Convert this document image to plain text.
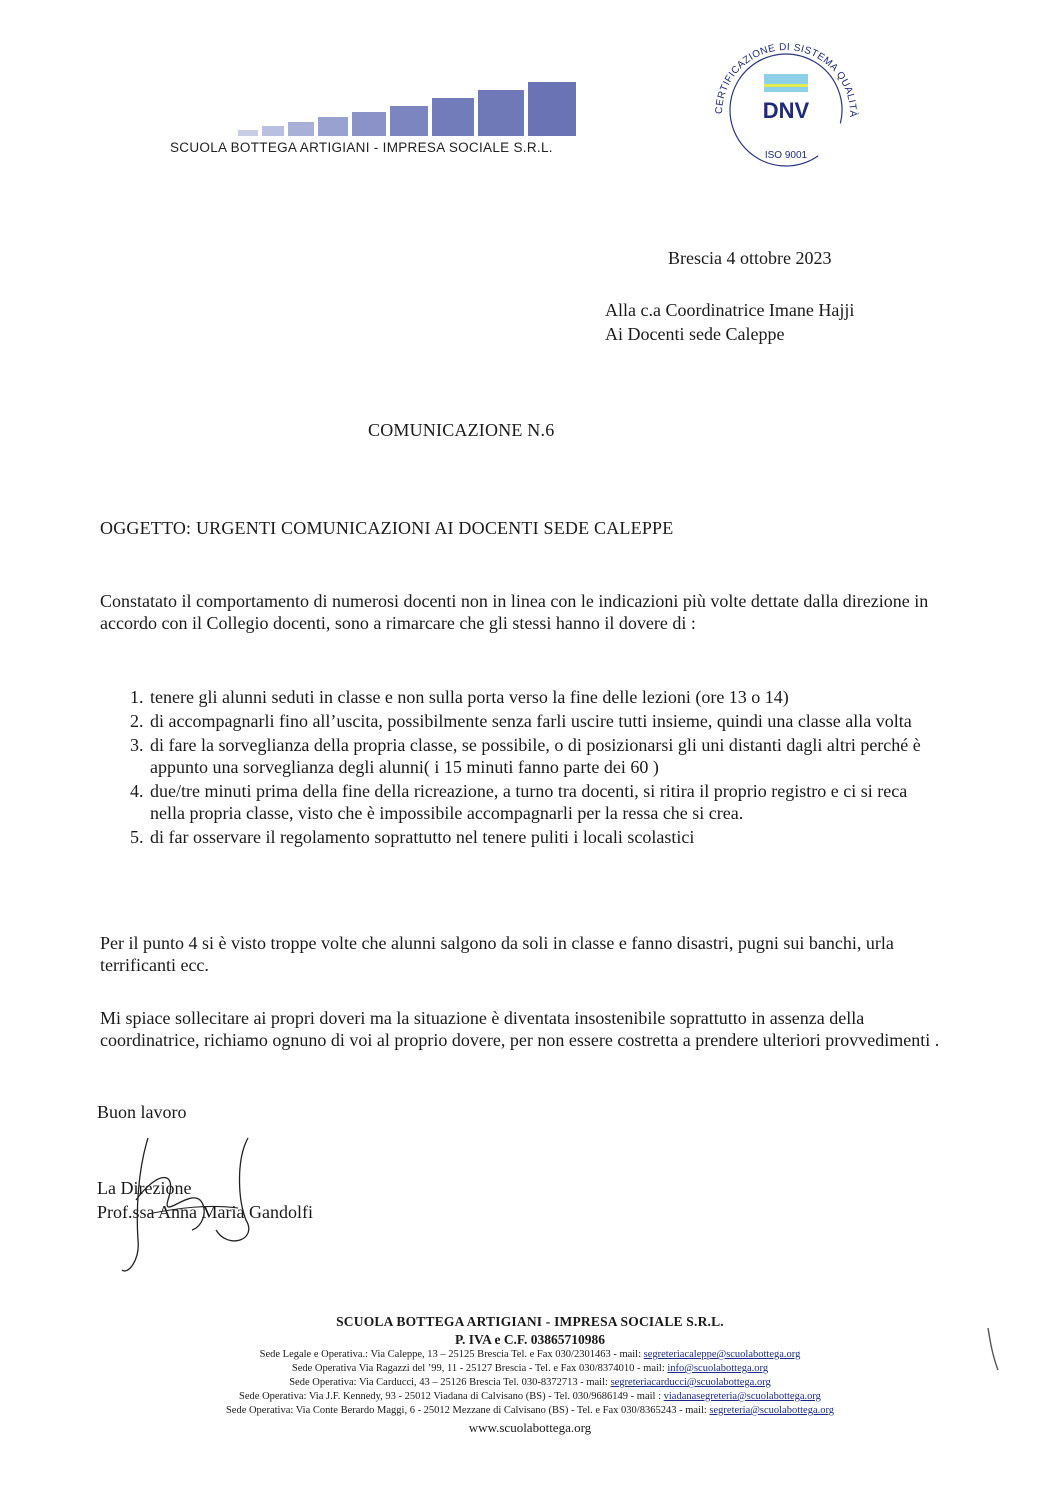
SCUOLA BOTTEGA ARTIGIANI - IMPRESA SOCIALE S.R.L.
CERTIFICAZIONE DI SISTEMA QUALITÀ
DNV
ISO 9001
Brescia 4 ottobre 2023
Alla c.a Coordinatrice Imane Hajji
Ai Docenti sede Caleppe
COMUNICAZIONE N.6
OGGETTO: URGENTI COMUNICAZIONI AI DOCENTI SEDE CALEPPE
Constatato il comportamento di numerosi docenti non in linea con le indicazioni più volte dettate dalla direzione in accordo con il Collegio docenti, sono a rimarcare che gli stessi hanno il dovere di :
1. tenere gli alunni seduti in classe e non sulla porta verso la fine delle lezioni (ore 13 o 14)
2. di accompagnarli fino all’uscita, possibilmente senza farli uscire tutti insieme, quindi una classe alla volta
3. di fare la sorveglianza della propria classe, se possibile, o di posizionarsi gli uni distanti dagli altri perché è appunto una sorveglianza degli alunni( i 15 minuti fanno parte dei 60 )
4. due/tre minuti prima della fine della ricreazione, a turno tra docenti, si ritira il proprio registro e ci si reca nella propria classe, visto che è impossibile accompagnarli per la ressa che si crea.
5. di far osservare il regolamento soprattutto nel tenere puliti i locali scolastici
Per il punto 4 si è visto troppe volte che alunni salgono da soli in classe e fanno disastri, pugni sui banchi, urla terrificanti ecc.
Mi spiace sollecitare ai propri doveri ma la situazione è diventata insostenibile soprattutto in assenza della coordinatrice, richiamo ognuno di voi al proprio dovere, per non essere costretta a prendere ulteriori provvedimenti .
Buon lavoro
La Direzione
Prof.ssa Anna Maria Gandolfi
SCUOLA BOTTEGA ARTIGIANI - IMPRESA SOCIALE S.R.L.
P. IVA e C.F. 03865710986
Sede Legale e Operativa.: Via Caleppe, 13 – 25125 Brescia Tel. e Fax 030/2301463 - mail: segreteriacaleppe@scuolabottega.org
Sede Operativa Via Ragazzi del ’99, 11 - 25127 Brescia - Tel. e Fax 030/8374010 - mail: info@scuolabottega.org
Sede Operativa: Via Carducci, 43 – 25126 Brescia Tel. 030-8372713 - mail: segreteriacarducci@scuolabottega.org
Sede Operativa: Via J.F. Kennedy, 93 - 25012 Viadana di Calvisano (BS) - Tel. 030/9686149 - mail : viadanasegreteria@scuolabottega.org
Sede Operativa: Via Conte Berardo Maggi, 6 - 25012 Mezzane di Calvisano (BS) - Tel. e Fax 030/8365243 - mail: segreteria@scuolabottega.org
www.scuolabottega.org
